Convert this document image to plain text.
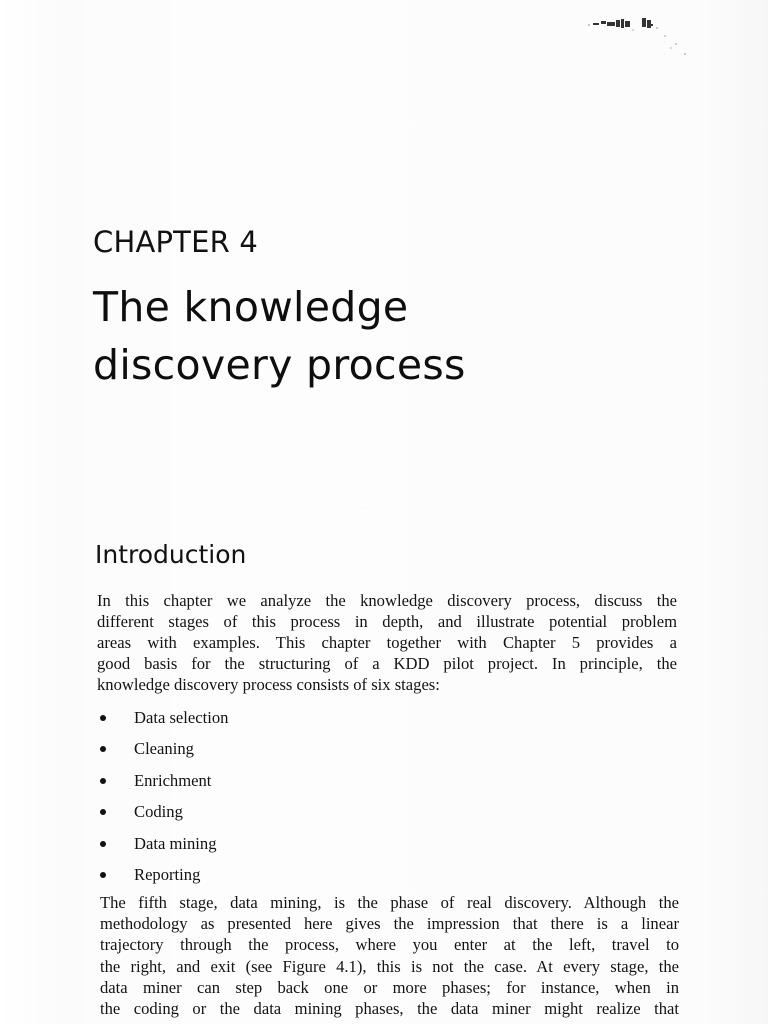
CHAPTER 4
The knowledge
discovery process
Introduction
In this chapter we analyze the knowledge discovery process, discuss the
different stages of this process in depth, and illustrate potential problem
areas with examples. This chapter together with Chapter 5 provides a
good basis for the structuring of a KDD pilot project. In principle, the
knowledge discovery process consists of six stages:
Data selection
Cleaning
Enrichment
Coding
Data mining
Reporting
The fifth stage, data mining, is the phase of real discovery. Although the
methodology as presented here gives the impression that there is a linear
trajectory through the process, where you enter at the left, travel to
the right, and exit (see Figure 4.1), this is not the case. At every stage, the
data miner can step back one or more phases; for instance, when in
the coding or the data mining phases, the data miner might realize that
